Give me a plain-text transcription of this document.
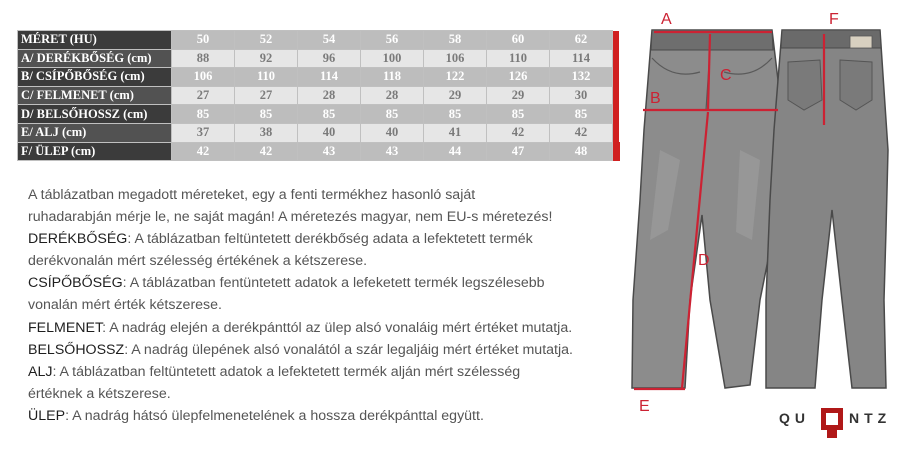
MÉRET (HU)	50	52	54	56	58	60	62	
A/ DERÉKBŐSÉG (cm)	88	92	96	100	106	110	114	
B/ CSÍPŐBŐSÉG (cm)	106	110	114	118	122	126	132	
C/ FELMENET (cm)	27	27	28	28	29	29	30	
D/ BELSŐHOSSZ (cm)	85	85	85	85	85	85	85	
E/ ALJ (cm)	37	38	40	40	41	42	42	
F/ ÜLEP (cm)	42	42	43	43	44	47	48	

A táblázatban megadott méreteket, egy a fenti termékhez hasonló saját

ruhadarabján mérje le, ne saját magán! A méretezés magyar, nem EU-s méretezés!

DERÉKBŐSÉG: A táblázatban feltüntetett derékbőség adata a lefektetett termék

derékvonalán mért szélesség értékének a kétszerese.

CSÍPŐBŐSÉG: A táblázatban fentüntetett adatok a lefeketett termék legszélesebb

vonalán mért érték kétszerese.

FELMENET: A nadrág elején a derékpánttól az ülep alsó vonaláig mért értéket mutatja.

BELSŐHOSSZ: A nadrág ülepének alsó vonalától a szár legaljáig mért értéket mutatja.

ALJ: A táblázatban feltüntetett adatok a lefektetett termék alján mért szélesség

értéknek a kétszerese.

ÜLEP: A nadrág hátsó ülepfelmenetelének a hossza derékpánttal együtt.

A
B
C
D
E
F
QU	NTZ
